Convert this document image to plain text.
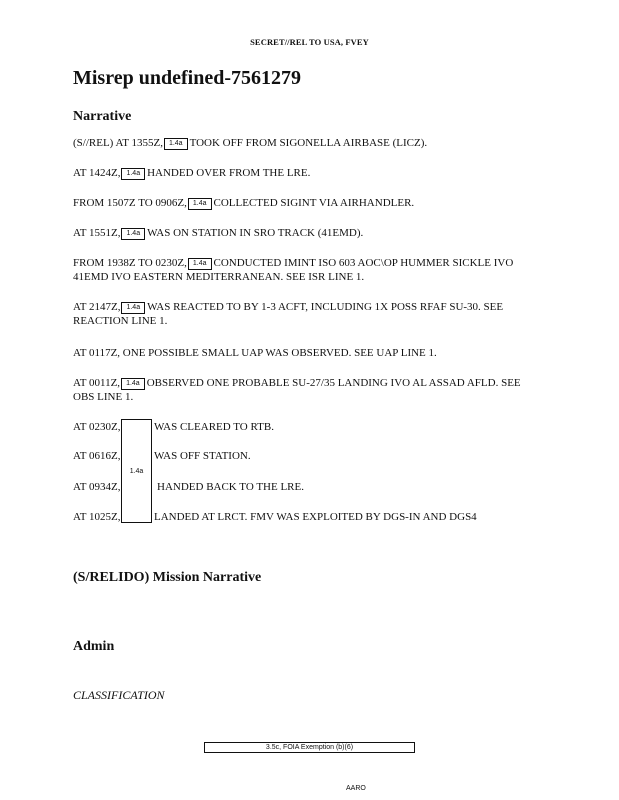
SECRET//REL TO USA, FVEY
Misrep undefined-7561279
Narrative
(S//REL) AT 1355Z, 1.4a TOOK OFF FROM SIGONELLA AIRBASE (LICZ).
AT 1424Z, 1.4a HANDED OVER FROM THE LRE.
FROM 1507Z TO 0906Z, 1.4a COLLECTED SIGINT VIA AIRHANDLER.
AT 1551Z, 1.4a WAS ON STATION IN SRO TRACK (41EMD).
FROM 1938Z TO 0230Z, 1.4a CONDUCTED IMINT ISO 603 AOC\OP HUMMER SICKLE IVO 41EMD IVO EASTERN MEDITERRANEAN. SEE ISR LINE 1.
AT 2147Z, 1.4a WAS REACTED TO BY 1-3 ACFT, INCLUDING 1X POSS RFAF SU-30. SEE REACTION LINE 1.
AT 0117Z, ONE POSSIBLE SMALL UAP WAS OBSERVED. SEE UAP LINE 1.
AT 0011Z, 1.4a OBSERVED ONE PROBABLE SU-27/35 LANDING IVO AL ASSAD AFLD. SEE OBS LINE 1.
1.4a
AT 0230Z,	WAS CLEARED TO RTB.
AT 0616Z,	WAS OFF STATION.
AT 0934Z,	HANDED BACK TO THE LRE.
AT 1025Z,	LANDED AT LRCT. FMV WAS EXPLOITED BY DGS-IN AND DGS4
(S/RELIDO) Mission Narrative
Admin
CLASSIFICATION
3.5c, FOIA Exemption (b)(6)
AARO
